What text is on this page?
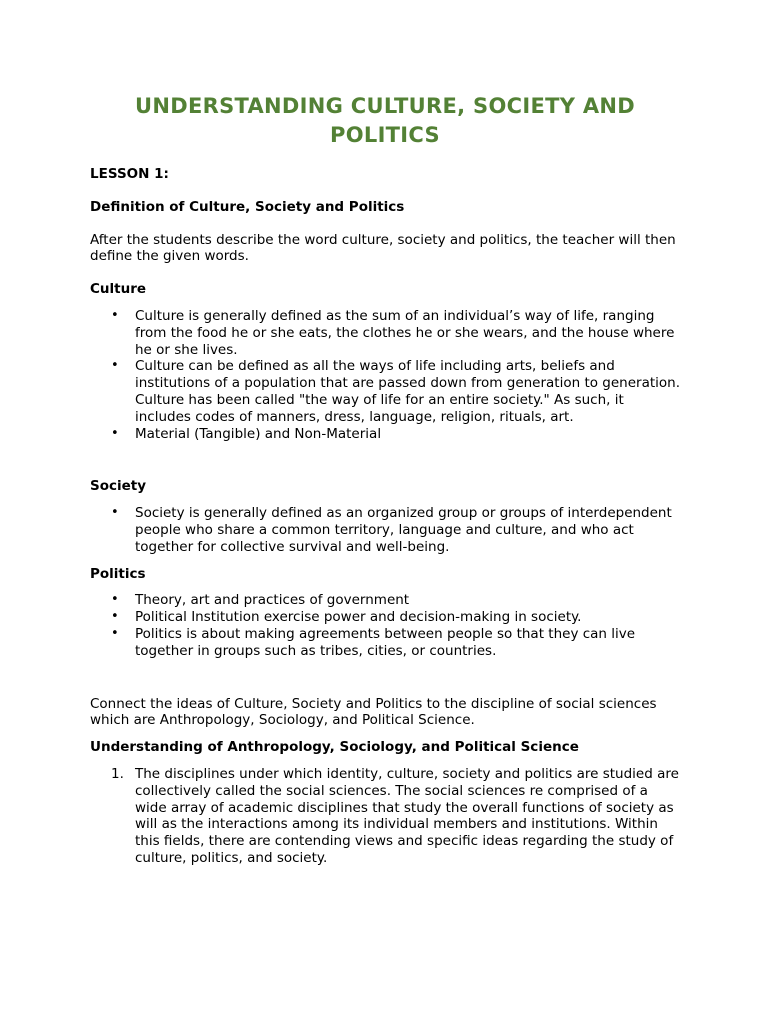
UNDERSTANDING CULTURE, SOCIETY AND POLITICS

LESSON 1:

Definition of Culture, Society and Politics

After the students describe the word culture, society and politics, the teacher will then define the given words.

Culture

• Culture is generally defined as the sum of an individual’s way of life, ranging from the food he or she eats, the clothes he or she wears, and the house where he or she lives.
• Culture can be defined as all the ways of life including arts, beliefs and institutions of a population that are passed down from generation to generation. Culture has been called "the way of life for an entire society." As such, it includes codes of manners, dress, language, religion, rituals, art.
• Material (Tangible) and Non-Material

Society

• Society is generally defined as an organized group or groups of interdependent people who share a common territory, language and culture, and who act together for collective survival and well-being.

Politics

• Theory, art and practices of government
• Political Institution exercise power and decision-making in society.
• Politics is about making agreements between people so that they can live together in groups such as tribes, cities, or countries.

Connect the ideas of Culture, Society and Politics to the discipline of social sciences which are Anthropology, Sociology, and Political Science.

Understanding of Anthropology, Sociology, and Political Science

1. The disciplines under which identity, culture, society and politics are studied are collectively called the social sciences. The social sciences re comprised of a wide array of academic disciplines that study the overall functions of society as
will as the interactions among its individual members and institutions. Within this fields, there are contending views and specific ideas regarding the study of culture, politics, and society.
